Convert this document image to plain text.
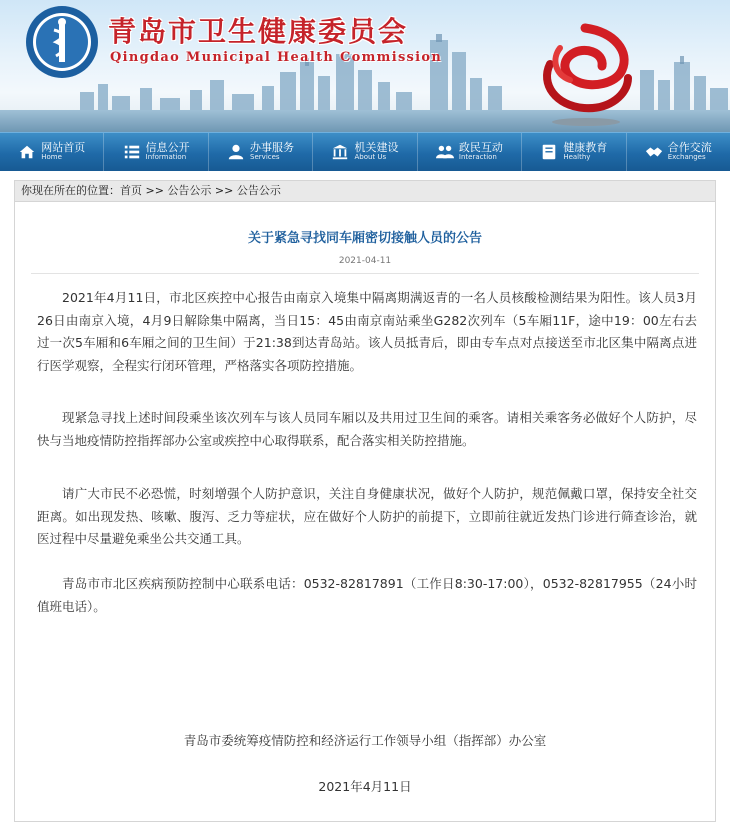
青岛市卫生健康委员会
Qingdao Municipal Health Commission
网站首页
Home
信息公开
Information
办事服务
Services
机关建设
About Us
政民互动
Interaction
健康教育
Healthy
合作交流
Exchanges
你现在所在的位置：首页 >> 公告公示 >> 公告公示
关于紧急寻找同车厢密切接触人员的公告
2021-04-11

2021年4月11日，市北区疾控中心报告由南京入境集中隔离期满返青的一名人员核酸检测结果为阳性。该人员3月26日由南京入境，4月9日解除集中隔离，当日15：45由南京南站乘坐G282次列车（5车厢11F，途中19：00左右去过一次5车厢和6车厢之间的卫生间）于21:38到达青岛站。该人员抵青后，即由专车点对点接送至市北区集中隔离点进行医学观察，全程实行闭环管理，严格落实各项防控措施。

现紧急寻找上述时间段乘坐该次列车与该人员同车厢以及共用过卫生间的乘客。请相关乘客务必做好个人防护，尽快与当地疫情防控指挥部办公室或疾控中心取得联系，配合落实相关防控措施。

请广大市民不必恐慌，时刻增强个人防护意识，关注自身健康状况，做好个人防护，规范佩戴口罩，保持安全社交距离。如出现发热、咳嗽、腹泻、乏力等症状，应在做好个人防护的前提下，立即前往就近发热门诊进行筛查诊治，就医过程中尽量避免乘坐公共交通工具。

青岛市市北区疾病预防控制中心联系电话：0532-82817891（工作日8:30-17:00），0532-82817955（24小时值班电话）。

青岛市委统筹疫情防控和经济运行工作领导小组（指挥部）办公室
2021年4月11日
